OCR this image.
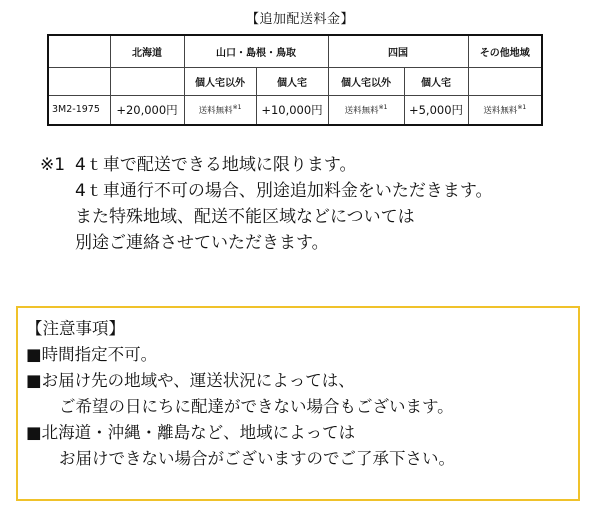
【追加配送料金】
	北海道	山口・島根・鳥取		四国		その他地域
		個人宅以外	個人宅	個人宅以外	個人宅	
3M2-1975	+20,000円	送料無料$^{※1}$	+10,000円	送料無料$^{※1}$	+5,000円	送料無料$^{※1}$
※1 4ｔ車で配送できる地域に限ります。
4ｔ車通行不可の場合、別途追加料金をいただきます。
また特殊地域、配送不能区域などについては
別途ご連絡させていただきます。
【注意事項】
■時間指定不可。
■お届け先の地域や、運送状況によっては、
ご希望の日にちに配達ができない場合もございます。
■北海道・沖縄・離島など、地域によっては
お届けできない場合がございますのでご了承下さい。
